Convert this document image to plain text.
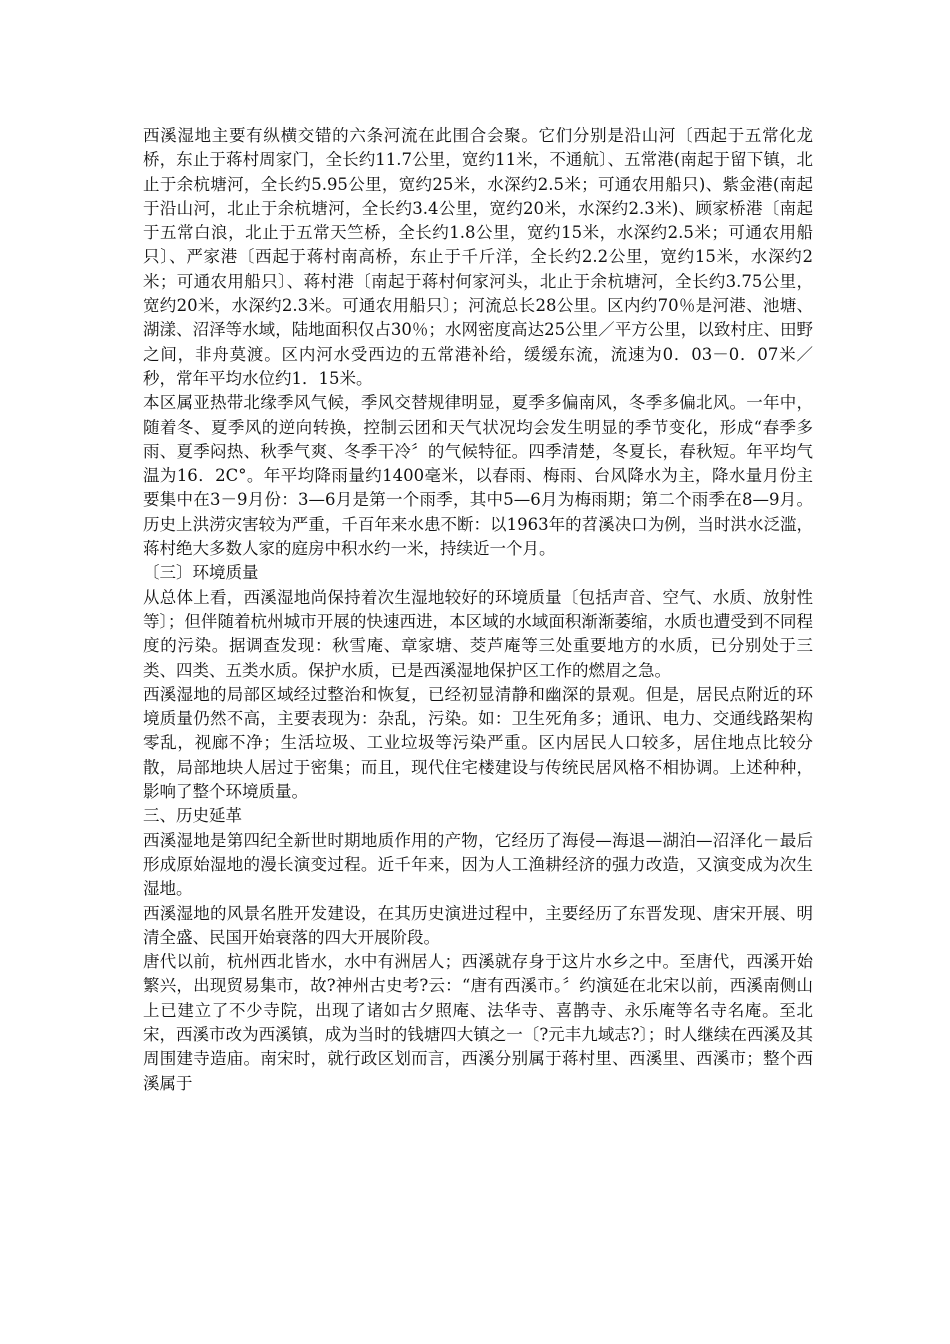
西溪湿地主要有纵横交错的六条河流在此围合会聚。它们分别是沿山河〔西起于五常化龙桥，东止于蒋村周家门，全长约11.7公里，宽约11米，不通航〕、五常港(南起于留下镇，北止于余杭塘河，全长约5.95公里，宽约25米，水深约2.5米；可通农用船只)、紫金港(南起于沿山河，北止于余杭塘河，全长约3.4公里，宽约20米，水深约2.3米)、顾家桥港〔南起于五常白浪，北止于五常天竺桥，全长约1.8公里，宽约15米，水深约2.5米；可通农用船只〕、严家港〔西起于蒋村南高桥，东止于千斤洋，全长约2.2公里，宽约15米，水深约2米；可通农用船只〕、蒋村港〔南起于蒋村何家河头，北止于余杭塘河，全长约3.75公里，宽约20米，水深约2.3米。可通农用船只〕；河流总长28公里。区内约70％是河港、池塘、湖漾、沼泽等水域，陆地面积仅占30％；水网密度高达25公里／平方公里，以致村庄、田野之间，非舟莫渡。区内河水受西边的五常港补给，缓缓东流，流速为0．03－0．07米／秒，常年平均水位约1．15米。

本区属亚热带北缘季风气候，季风交替规律明显，夏季多偏南风，冬季多偏北风。一年中，随着冬、夏季风的逆向转换，控制云团和天气状况均会发生明显的季节变化，形成“春季多雨、夏季闷热、秋季气爽、冬季干冷〞的气候特征。四季清楚，冬夏长，春秋短。年平均气温为16．2C°。年平均降雨量约1400毫米，以春雨、梅雨、台风降水为主，降水量月份主要集中在3－9月份：3—6月是第一个雨季，其中5—6月为梅雨期；第二个雨季在8—9月。历史上洪涝灾害较为严重，千百年来水患不断：以1963年的苕溪决口为例，当时洪水泛滥，蒋村绝大多数人家的庭房中积水约一米，持续近一个月。

〔三〕环境质量

从总体上看，西溪湿地尚保持着次生湿地较好的环境质量〔包括声音、空气、水质、放射性等〕；但伴随着杭州城市开展的快速西进，本区域的水域面积渐渐萎缩，水质也遭受到不同程度的污染。据调查发现：秋雪庵、章家塘、茭芦庵等三处重要地方的水质，已分别处于三类、四类、五类水质。保护水质，已是西溪湿地保护区工作的燃眉之急。

西溪湿地的局部区域经过整治和恢复，已经初显清静和幽深的景观。但是，居民点附近的环境质量仍然不高，主要表现为：杂乱，污染。如：卫生死角多；通讯、电力、交通线路架构零乱，视廊不净；生活垃圾、工业垃圾等污染严重。区内居民人口较多，居住地点比较分散，局部地块人居过于密集；而且，现代住宅楼建设与传统民居风格不相协调。上述种种，影响了整个环境质量。

三、历史延革

西溪湿地是第四纪全新世时期地质作用的产物，它经历了海侵—海退—湖泊—沼泽化－最后形成原始湿地的漫长演变过程。近千年来，因为人工渔耕经济的强力改造，又演变成为次生湿地。

西溪湿地的风景名胜开发建设，在其历史演进过程中，主要经历了东晋发现、唐宋开展、明清全盛、民国开始衰落的四大开展阶段。

唐代以前，杭州西北皆水，水中有洲居人；西溪就存身于这片水乡之中。至唐代，西溪开始繁兴，出现贸易集市，故?神州古史考?云：“唐有西溪市。〞约演延在北宋以前，西溪南侧山上已建立了不少寺院，出现了诸如古夕照庵、法华寺、喜鹊寺、永乐庵等名寺名庵。至北宋，西溪市改为西溪镇，成为当时的钱塘四大镇之一〔?元丰九域志?〕；时人继续在西溪及其周围建寺造庙。南宋时，就行政区划而言，西溪分别属于蒋村里、西溪里、西溪市；整个西溪属于
